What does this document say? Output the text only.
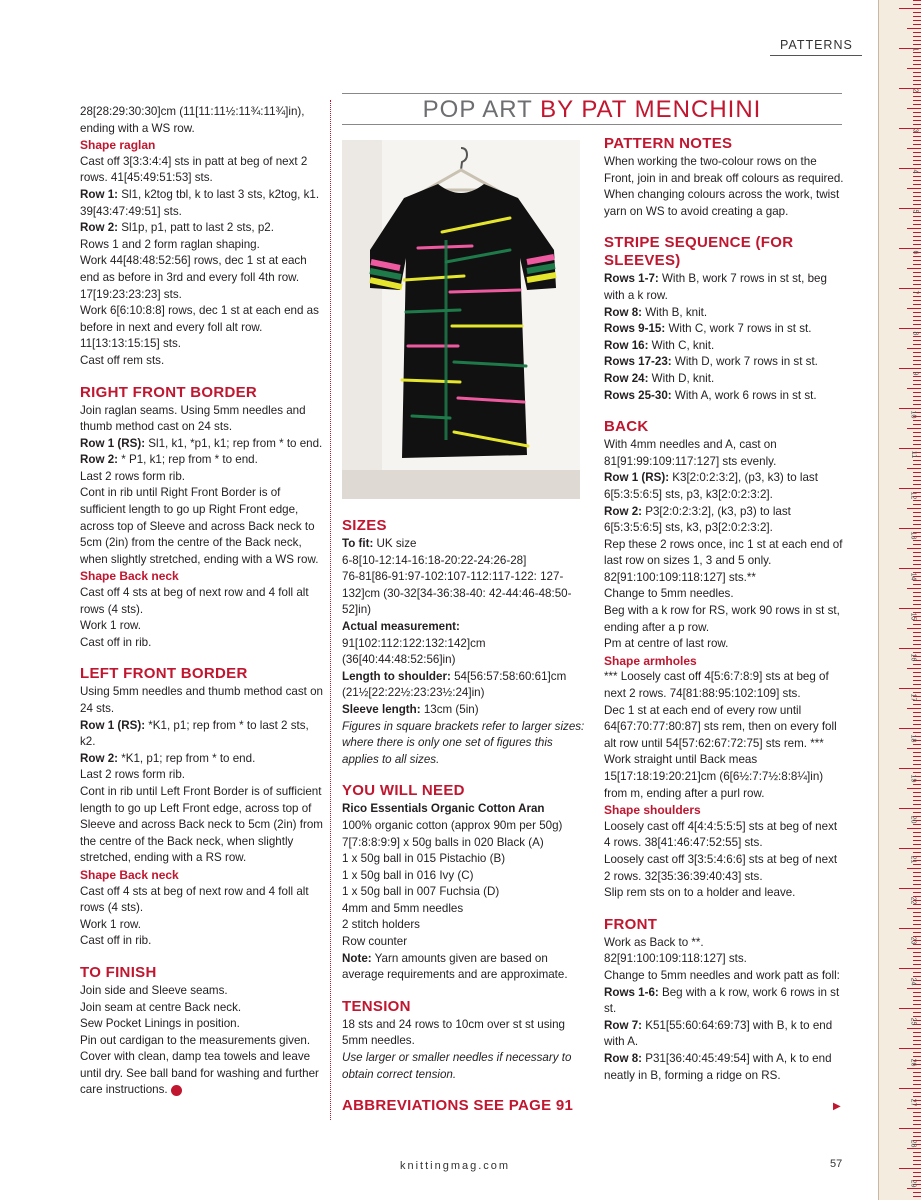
1
2
3
4
5
6
7
8
9
10
11
12
13
14
15
16
17
18
19
20
21
22
23
24
25
26
27
28
29
PATTERNS
POP ART BY PAT MENCHINI
28[28:29:30:30]cm (11[11:11½:11¾:11¾]in),
ending with a WS row.
Shape raglan
Cast off 3[3:3:4:4] sts in patt at beg of next 2 rows. 41[45:49:51:53] sts.
Row 1: Sl1, k2tog tbl, k to last 3 sts, k2tog, k1. 39[43:47:49:51] sts.
Row 2: Sl1p, p1, patt to last 2 sts, p2.
Rows 1 and 2 form raglan shaping.
Work 44[48:48:52:56] rows, dec 1 st at each end as before in 3rd and every foll 4th row. 17[19:23:23:23] sts.
Work 6[6:10:8:8] rows, dec 1 st at each end as before in next and every foll alt row. 11[13:13:15:15] sts.
Cast off rem sts.
RIGHT FRONT BORDER
Join raglan seams. Using 5mm needles and thumb method cast on 24 sts.
Row 1 (RS): Sl1, k1, *p1, k1; rep from * to end.
Row 2: * P1, k1; rep from * to end.
Last 2 rows form rib.
Cont in rib until Right Front Border is of sufficient length to go up Right Front edge, across top of Sleeve and across Back neck to 5cm (2in) from the centre of the Back neck, when slightly stretched, ending with a WS row.
Shape Back neck
Cast off 4 sts at beg of next row and 4 foll alt rows (4 sts).
Work 1 row.
Cast off in rib.
LEFT FRONT BORDER
Using 5mm needles and thumb method cast on 24 sts.
Row 1 (RS): *K1, p1; rep from * to last 2 sts, k2.
Row 2: *K1, p1; rep from * to end.
Last 2 rows form rib.
Cont in rib until Left Front Border is of sufficient length to go up Left Front edge, across top of Sleeve and across Back neck to 5cm (2in) from the centre of the Back neck, when slightly stretched, ending with a RS row.
Shape Back neck
Cast off 4 sts at beg of next row and 4 foll alt rows (4 sts).
Work 1 row.
Cast off in rib.
TO FINISH
Join side and Sleeve seams.
Join seam at centre Back neck.
Sew Pocket Linings in position.
Pin out cardigan to the measurements given. Cover with clean, damp tea towels and leave until dry. See ball band for washing and further care instructions.
SIZES
To fit: UK size
6-8[10-12:14-16:18-20:22-24:26-28]
76-81[86-91:97-102:107-112:117-122: 127-132]cm (30-32[34-36:38-40: 42-44:46-48:50-52]in)
Actual measurement:
91[102:112:122:132:142]cm (36[40:44:48:52:56]in)
Length to shoulder: 54[56:57:58:60:61]cm (21½[22:22½:23:23½:24]in)
Sleeve length: 13cm (5in)
Figures in square brackets refer to larger sizes: where there is only one set of figures this applies to all sizes.
YOU WILL NEED
Rico Essentials Organic Cotton Aran
100% organic cotton (approx 90m per 50g)
7[7:8:8:9:9] x 50g balls in 020 Black (A)
1 x 50g ball in 015 Pistachio (B)
1 x 50g ball in 016 Ivy (C)
1 x 50g ball in 007 Fuchsia (D)
4mm and 5mm needles
2 stitch holders
Row counter
Note: Yarn amounts given are based on average requirements and are approximate.
TENSION
18 sts and 24 rows to 10cm over st st using 5mm needles.
Use larger or smaller needles if necessary to obtain correct tension.
ABBREVIATIONS SEE PAGE 91
PATTERN NOTES
When working the two-colour rows on the Front, join in and break off colours as required.
When changing colours across the work, twist yarn on WS to avoid creating a gap.
STRIPE SEQUENCE (FOR SLEEVES)
Rows 1-7: With B, work 7 rows in st st, beg with a k row.
Row 8: With B, knit.
Rows 9-15: With C, work 7 rows in st st.
Row 16: With C, knit.
Rows 17-23: With D, work 7 rows in st st.
Row 24: With D, knit.
Rows 25-30: With A, work 6 rows in st st.
BACK
With 4mm needles and A, cast on 81[91:99:109:117:127] sts evenly.
Row 1 (RS): K3[2:0:2:3:2], (p3, k3) to last 6[5:3:5:6:5] sts, p3, k3[2:0:2:3:2].
Row 2: P3[2:0:2:3:2], (k3, p3) to last 6[5:3:5:6:5] sts, k3, p3[2:0:2:3:2].
Rep these 2 rows once, inc 1 st at each end of last row on sizes 1, 3 and 5 only. 82[91:100:109:118:127] sts.**
Change to 5mm needles.
Beg with a k row for RS, work 90 rows in st st, ending after a p row.
Pm at centre of last row.
Shape armholes
*** Loosely cast off 4[5:6:7:8:9] sts at beg of next 2 rows. 74[81:88:95:102:109] sts.
Dec 1 st at each end of every row until 64[67:70:77:80:87] sts rem, then on every foll alt row until 54[57:62:67:72:75] sts rem. ***
Work straight until Back meas 15[17:18:19:20:21]cm (6[6½:7:7½:8:8¼]in) from m, ending after a purl row.
Shape shoulders
Loosely cast off 4[4:4:5:5:5] sts at beg of next 4 rows. 38[41:46:47:52:55] sts.
Loosely cast off 3[3:5:4:6:6] sts at beg of next 2 rows. 32[35:36:39:40:43] sts.
Slip rem sts on to a holder and leave.
FRONT
Work as Back to **.
82[91:100:109:118:127] sts.
Change to 5mm needles and work patt as foll:
Rows 1-6: Beg with a k row, work 6 rows in st st.
Row 7: K51[55:60:64:69:73] with B, k to end with A.
Row 8: P31[36:40:45:49:54] with A, k to end neatly in B, forming a ridge on RS.
▶
knittingmag.com	57
